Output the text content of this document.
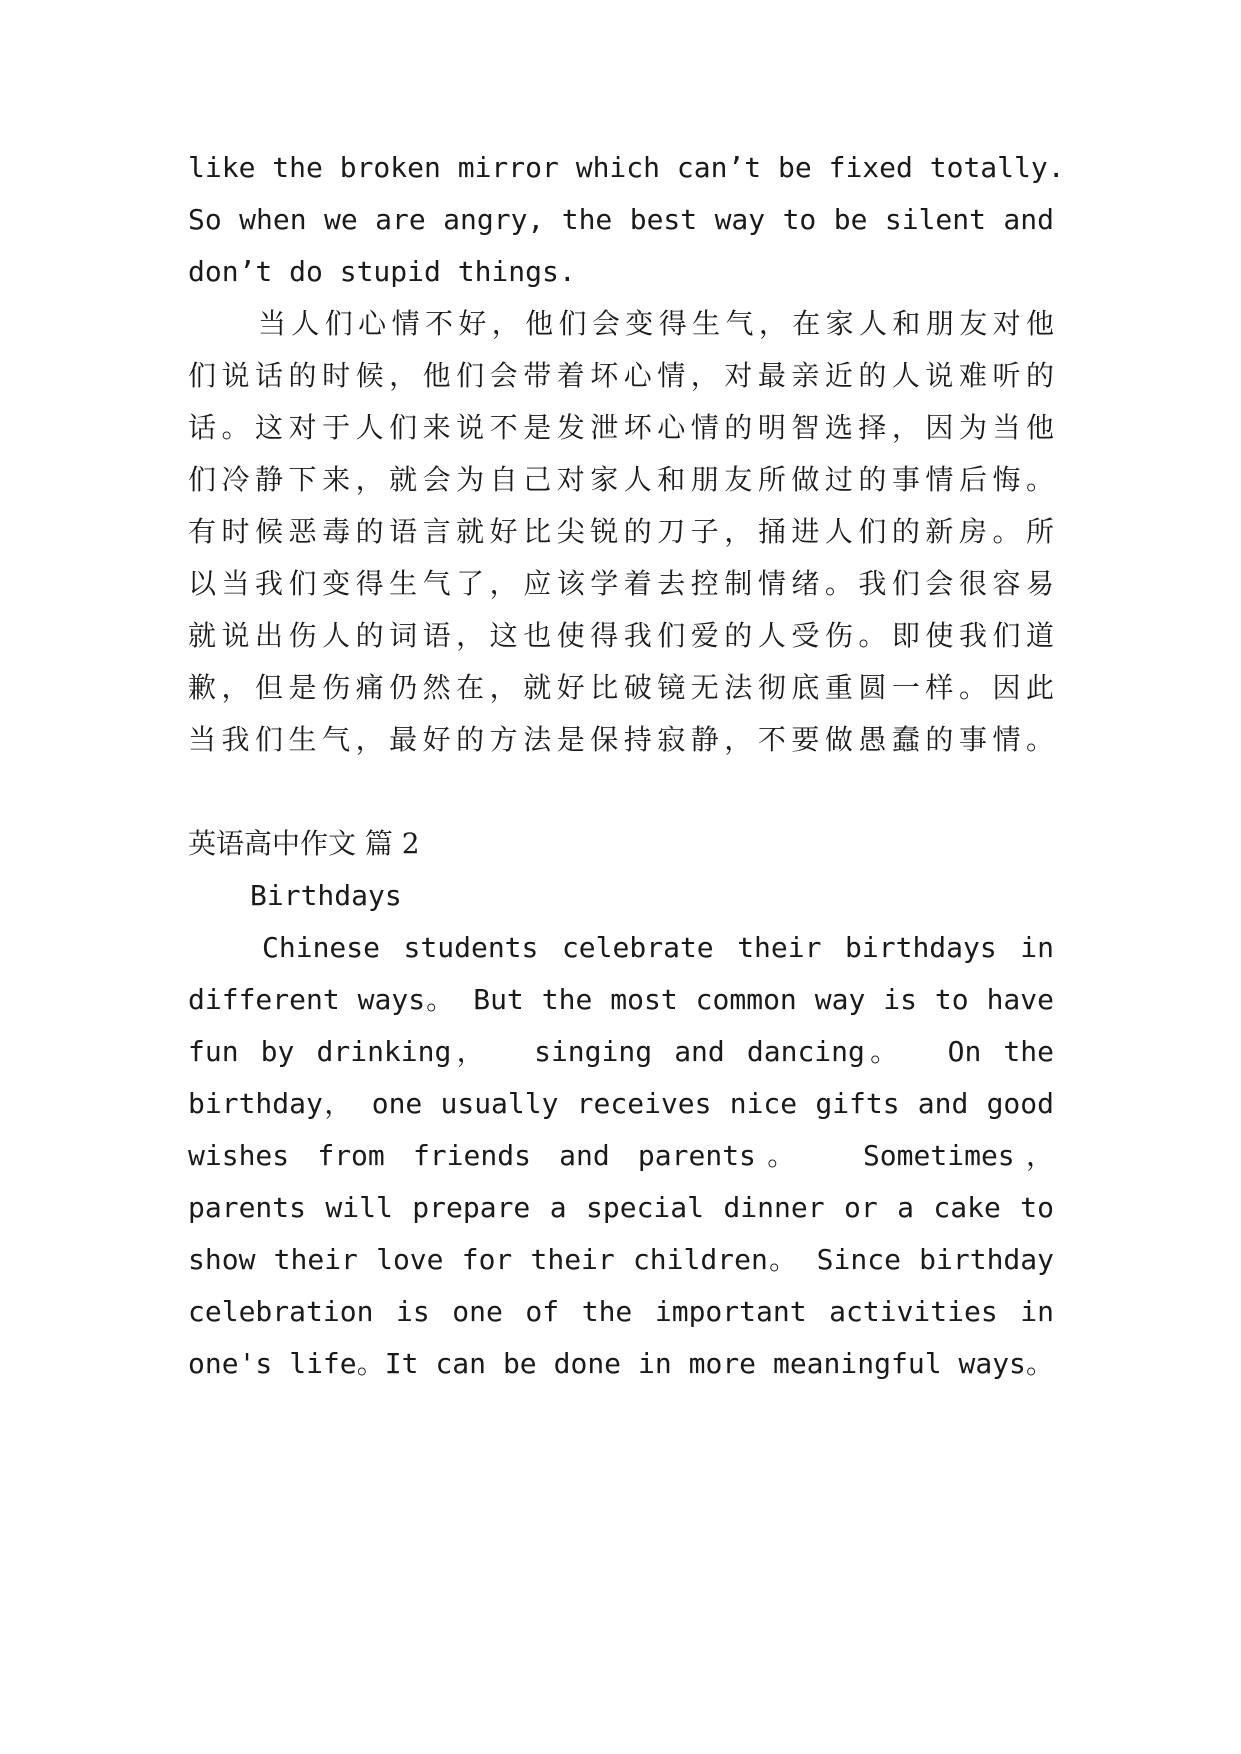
like the broken mirror which can’t be fixed totally.
So when we are angry, the best way to be silent and
don’t do stupid things.
当人们心情不好，他们会变得生气，在家人和朋友对他
们说话的时候，他们会带着坏心情，对最亲近的人说难听的
话。这对于人们来说不是发泄坏心情的明智选择，因为当他
们冷静下来，就会为自己对家人和朋友所做过的事情后悔。
有时候恶毒的语言就好比尖锐的刀子，捅进人们的新房。所
以当我们变得生气了，应该学着去控制情绪。我们会很容易
就说出伤人的词语，这也使得我们爱的人受伤。即使我们道
歉，但是伤痛仍然在，就好比破镜无法彻底重圆一样。因此
当我们生气，最好的方法是保持寂静，不要做愚蠢的事情。
英语高中作文 篇 2
Birthdays
Chinese students celebrate their birthdays in
different ways。 But the most common way is to have
fun by drinking，  singing and dancing。  On the
birthday， one usually receives nice gifts and good
wishes from friends and parents。  Sometimes，
parents will prepare a special dinner or a cake to
show their love for their children。 Since birthday
celebration is one of the important activities in
one's life。It can be done in more meaningful ways。
